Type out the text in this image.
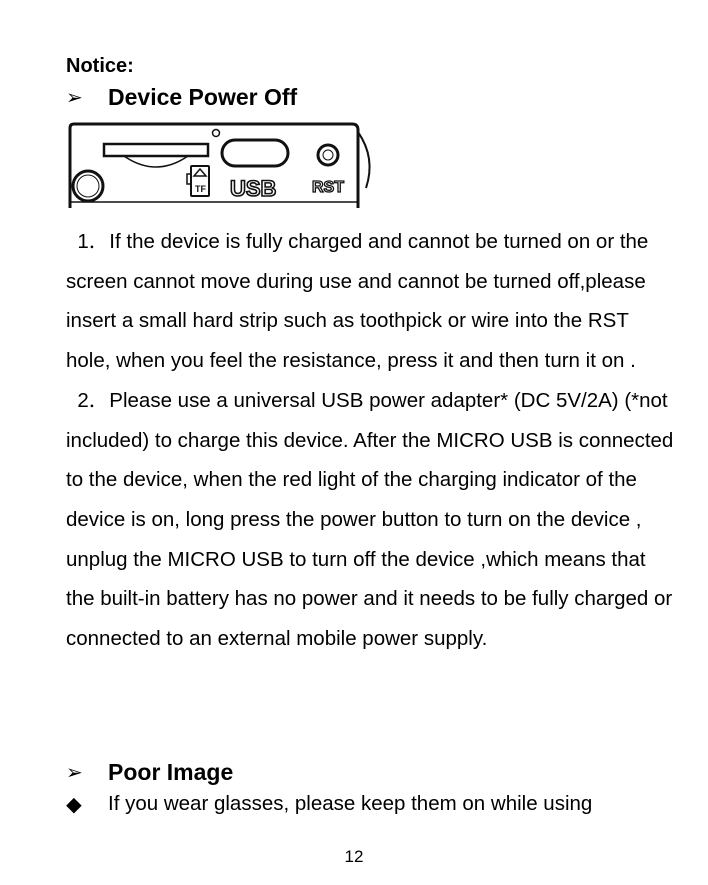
Notice:
➢	Device Power Off
TF USB RST

1．If the device is fully charged and cannot be turned on or the screen cannot move during use and cannot be turned off,please insert a small hard strip such as toothpick or wire into the RST hole, when you feel the resistance, press it and then turn it on .

2．Please use a universal USB power adapter* (DC 5V/2A) (*not included) to charge this device. After the MICRO USB is connected to the device, when the red light of the charging indicator of the device is on, long press the power button to turn on the device , unplug the MICRO USB to turn off the device ,which means that the built-in battery has no power and it needs to be fully charged or connected to an external mobile power supply.

➢	Poor Image
◆	If you wear glasses, please keep them on while using
12
